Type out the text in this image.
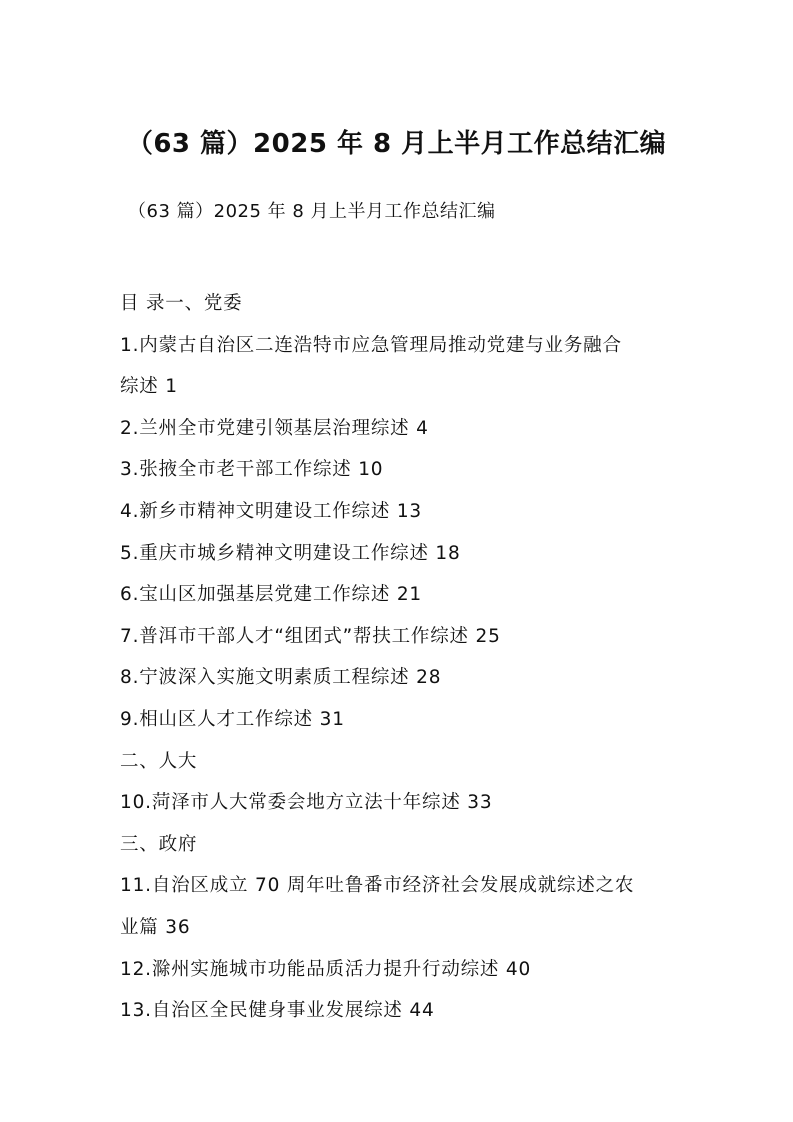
（63 篇）2025 年 8 月上半月工作总结汇编
（63 篇）2025 年 8 月上半月工作总结汇编
目 录一、党委
1.内蒙古自治区二连浩特市应急管理局推动党建与业务融合
综述 1
2.兰州全市党建引领基层治理综述 4
3.张掖全市老干部工作综述 10
4.新乡市精神文明建设工作综述 13
5.重庆市城乡精神文明建设工作综述 18
6.宝山区加强基层党建工作综述 21
7.普洱市干部人才“组团式”帮扶工作综述 25
8.宁波深入实施文明素质工程综述 28
9.相山区人才工作综述 31
二、人大
10.菏泽市人大常委会地方立法十年综述 33
三、政府
11.自治区成立 70 周年吐鲁番市经济社会发展成就综述之农
业篇 36
12.滁州实施城市功能品质活力提升行动综述 40
13.自治区全民健身事业发展综述 44
